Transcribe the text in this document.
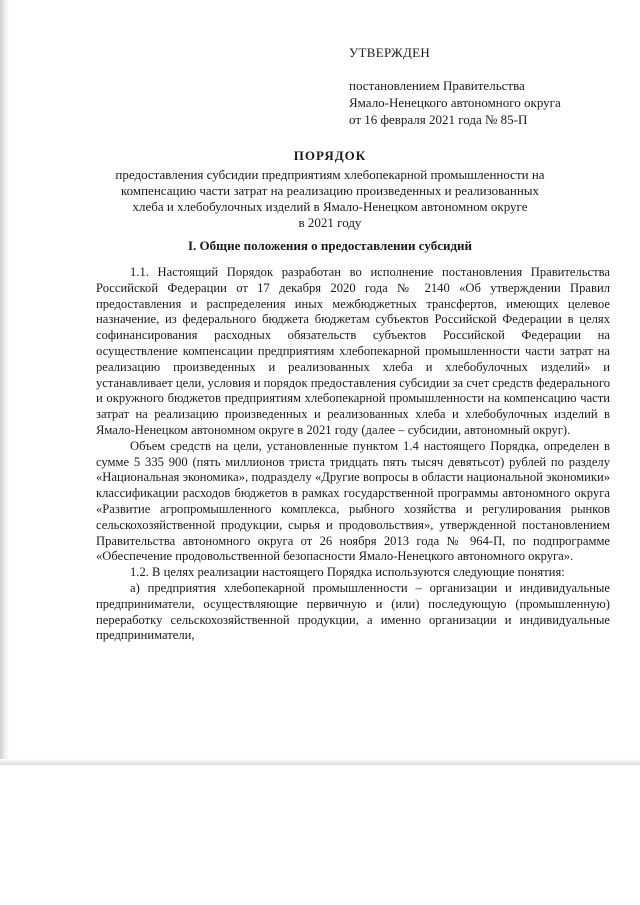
УТВЕРЖДЕН
постановлением Правительства
Ямало-Ненецкого автономного округа
от 16 февраля 2021 года № 85-П
ПОРЯДОК
предоставления субсидии предприятиям хлебопекарной промышленности на
компенсацию части затрат на реализацию произведенных и реализованных
хлеба и хлебобулочных изделий в Ямало-Ненецком автономном округе
в 2021 году
I. Общие положения о предоставлении субсидий

1.1. Настоящий Порядок разработан во исполнение постановления Правительства Российской Федерации от 17 декабря 2020 года № 2140 «Об утверждении Правил предоставления и распределения иных межбюджетных трансфертов, имеющих целевое назначение, из федерального бюджета бюджетам субъектов Российской Федерации в целях софинансирования расходных обязательств субъектов Российской Федерации на осуществление компенсации предприятиям хлебопекарной промышленности части затрат на реализацию произведенных и реализованных хлеба и хлебобулочных изделий» и устанавливает цели, условия и порядок предоставления субсидии за счет средств федерального и окружного бюджетов предприятиям хлебопекарной промышленности на компенсацию части затрат на реализацию произведенных и реализованных хлеба и хлебобулочных изделий в Ямало-Ненецком автономном округе в 2021 году (далее – субсидии, автономный округ).

Объем средств на цели, установленные пунктом 1.4 настоящего Порядка, определен в сумме 5 335 900 (пять миллионов триста тридцать пять тысяч девятьсот) рублей по разделу «Национальная экономика», подразделу «Другие вопросы в области национальной экономики» классификации расходов бюджетов в рамках государственной программы автономного округа «Развитие агропромышленного комплекса, рыбного хозяйства и регулирования рынков сельскохозяйственной продукции, сырья и продовольствия», утвержденной постановлением Правительства автономного округа от 26 ноября 2013 года № 964-П, по подпрограмме «Обеспечение продовольственной безопасности Ямало-Ненецкого автономного округа».

1.2. В целях реализации настоящего Порядка используются следующие понятия:

а) предприятия хлебопекарной промышленности – организации и индивидуальные предприниматели, осуществляющие первичную и (или) последующую (промышленную) переработку сельскохозяйственной продукции, а именно организации и индивидуальные предприниматели,
